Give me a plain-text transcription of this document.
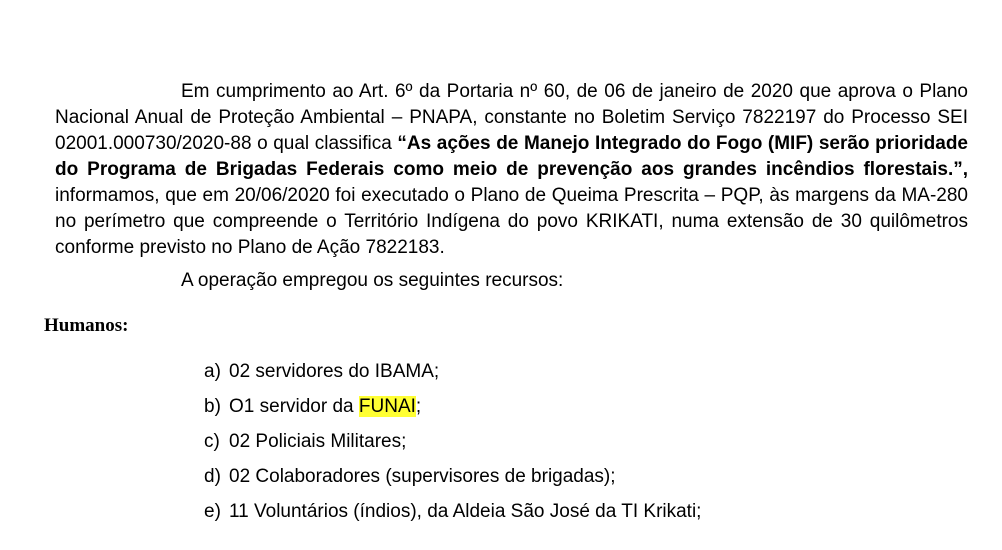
Em cumprimento ao Art. 6º da Portaria nº 60, de 06 de janeiro de 2020 que aprova o Plano Nacional Anual de Proteção Ambiental – PNAPA, constante no Boletim Serviço 7822197 do Processo SEI 02001.000730/2020-88 o qual classifica “As ações de Manejo Integrado do Fogo (MIF) serão prioridade do Programa de Brigadas Federais como meio de prevenção aos grandes incêndios florestais.”, informamos, que em 20/06/2020 foi executado o Plano de Queima Prescrita – PQP, às margens da MA-280 no perímetro que compreende o Território Indígena do povo KRIKATI, numa extensão de 30 quilômetros conforme previsto no Plano de Ação 7822183.

A operação empregou os seguintes recursos:

Humanos:

a) 02 servidores do IBAMA;
b) O1 servidor da FUNAI;
c) 02 Policiais Militares;
d) 02 Colaboradores (supervisores de brigadas);
e) 11 Voluntários (índios), da Aldeia São José da TI Krikati;
